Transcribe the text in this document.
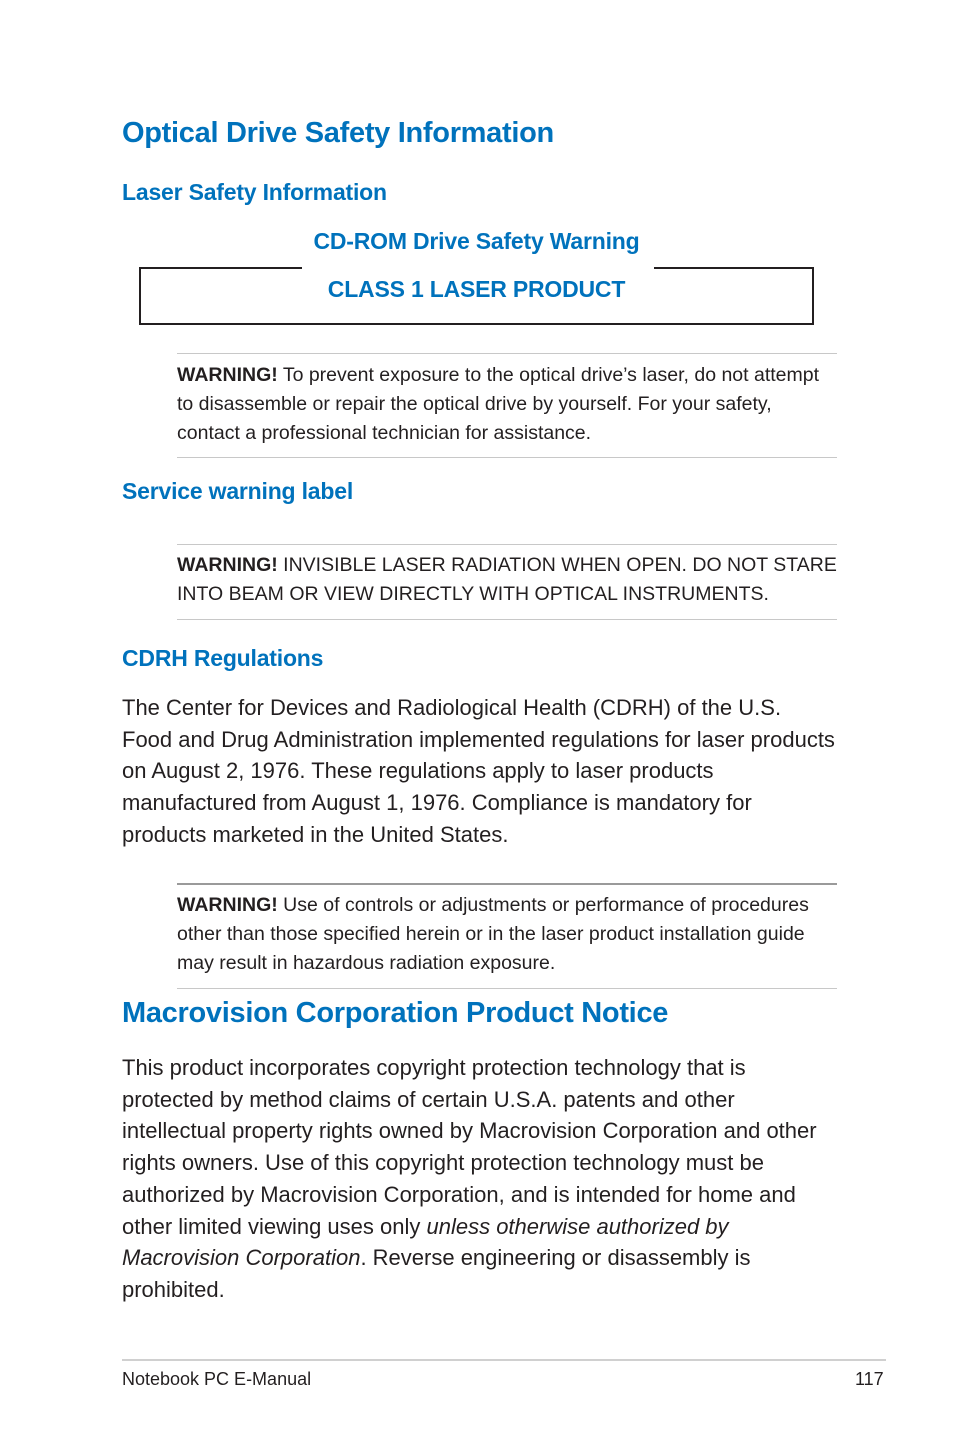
Optical Drive Safety Information
Laser Safety Information
CD-ROM Drive Safety Warning
CLASS 1 LASER PRODUCT
WARNING! To prevent exposure to the optical drive’s laser, do not attempt to disassemble or repair the optical drive by yourself. For your safety, contact a professional technician for assistance.
Service warning label
WARNING! INVISIBLE LASER RADIATION WHEN OPEN. DO NOT STARE INTO BEAM OR VIEW DIRECTLY WITH OPTICAL INSTRUMENTS.
CDRH Regulations
The Center for Devices and Radiological Health (CDRH) of the U.S. Food and Drug Administration implemented regulations for laser products on August 2, 1976. These regulations apply to laser products manufactured from August 1, 1976. Compliance is mandatory for products marketed in the United States.
WARNING! Use of controls or adjustments or performance of procedures other than those specified herein or in the laser product installation guide may result in hazardous radiation exposure.
Macrovision Corporation Product Notice
This product incorporates copyright protection technology that is protected by method claims of certain U.S.A. patents and other intellectual property rights owned by Macrovision Corporation and other rights owners. Use of this copyright protection technology must be authorized by Macrovision Corporation, and is intended for home and other limited viewing uses only unless otherwise authorized by Macrovision Corporation. Reverse engineering or disassembly is prohibited.
Notebook PC E-Manual	117
